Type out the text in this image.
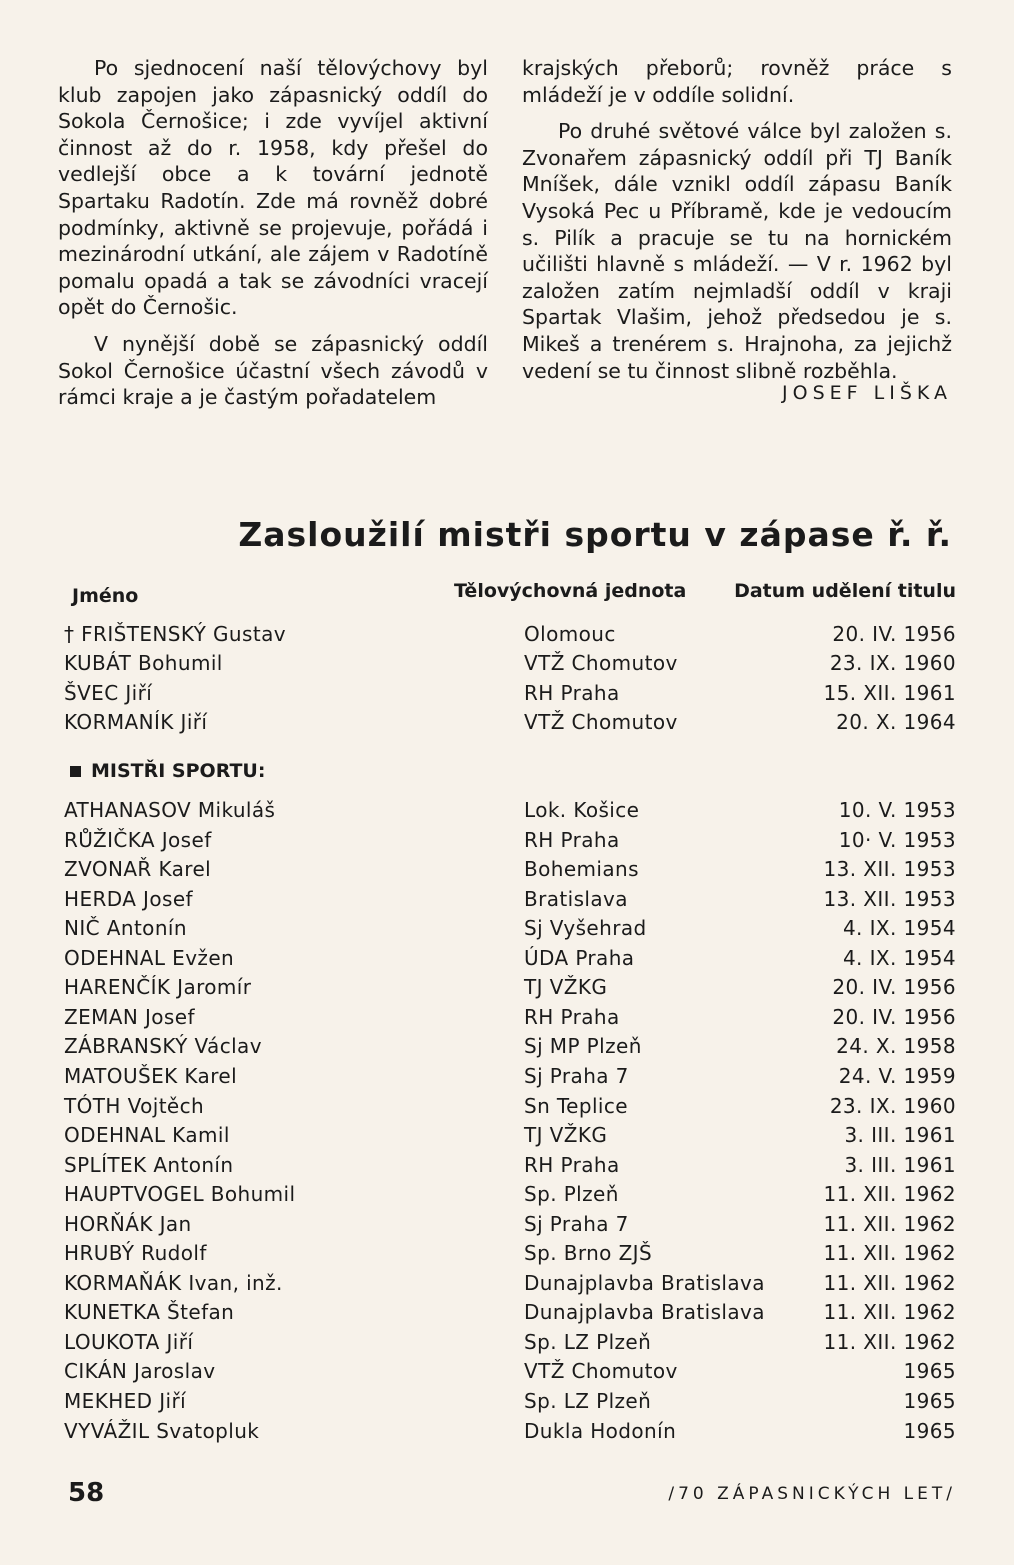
Po sjednocení naší tělovýchovy byl klub zapojen jako zápasnický oddíl do Sokola Černošice; i zde vyvíjel aktivní činnost až do r. 1958, kdy přešel do vedlejší obce a k tovární jednotě Spartaku Radotín. Zde má rovněž dobré podmínky, aktivně se projevuje, pořádá i mezinárodní utkání, ale zájem v Radotíně pomalu opadá a tak se závodníci vracejí opět do Černošic.

V nynější době se zápasnický oddíl Sokol Černošice účastní všech závodů v rámci kraje a je častým pořadatelem

krajských přeborů; rovněž práce s mládeží je v oddíle solidní.

Po druhé světové válce byl založen s. Zvonařem zápasnický oddíl při TJ Baník Mníšek, dále vznikl oddíl zápasu Baník Vysoká Pec u Příbramě, kde je vedoucím s. Pilík a pracuje se tu na hornickém učilišti hlavně s mládeží. — V r. 1962 byl založen zatím nejmladší oddíl v kraji Spartak Vlašim, jehož předsedou je s. Mikeš a trenérem s. Hrajnoha, za jejichž vedení se tu činnost slibně rozběhla.

JOSEF LIŠKA
Zasloužilí mistři sportu v zápase ř. ř.
Jméno	Tělovýchovná jednota	Datum udělení titulu
† FRIŠTENSKÝ Gustav	Olomouc	20. IV. 1956
KUBÁT Bohumil	VTŽ Chomutov	23. IX. 1960
ŠVEC Jiří	RH Praha	15. XII. 1961
KORMANÍK Jiří	VTŽ Chomutov	20. X. 1964
MISTŘI SPORTU:
ATHANASOV Mikuláš	Lok. Košice	10. V. 1953
RŮŽIČKA Josef	RH Praha	10· V. 1953
ZVONAŘ Karel	Bohemians	13. XII. 1953
HERDA Josef	Bratislava	13. XII. 1953
NIČ Antonín	Sj Vyšehrad	4. IX. 1954
ODEHNAL Evžen	ÚDA Praha	4. IX. 1954
HARENČÍK Jaromír	TJ VŽKG	20. IV. 1956
ZEMAN Josef	RH Praha	20. IV. 1956
ZÁBRANSKÝ Václav	Sj MP Plzeň	24. X. 1958
MATOUŠEK Karel	Sj Praha 7	24. V. 1959
TÓTH Vojtěch	Sn Teplice	23. IX. 1960
ODEHNAL Kamil	TJ VŽKG	3. III. 1961
SPLÍTEK Antonín	RH Praha	3. III. 1961
HAUPTVOGEL Bohumil	Sp. Plzeň	11. XII. 1962
HORŇÁK Jan	Sj Praha 7	11. XII. 1962
HRUBÝ Rudolf	Sp. Brno ZJŠ	11. XII. 1962
KORMAŇÁK Ivan, inž.	Dunajplavba Bratislava	11. XII. 1962
KUNETKA Štefan	Dunajplavba Bratislava	11. XII. 1962
LOUKOTA Jiří	Sp. LZ Plzeň	11. XII. 1962
CIKÁN Jaroslav	VTŽ Chomutov	1965
MEKHED Jiří	Sp. LZ Plzeň	1965
VYVÁŽIL Svatopluk	Dukla Hodonín	1965
58	/70 ZÁPASNICKÝCH LET/
